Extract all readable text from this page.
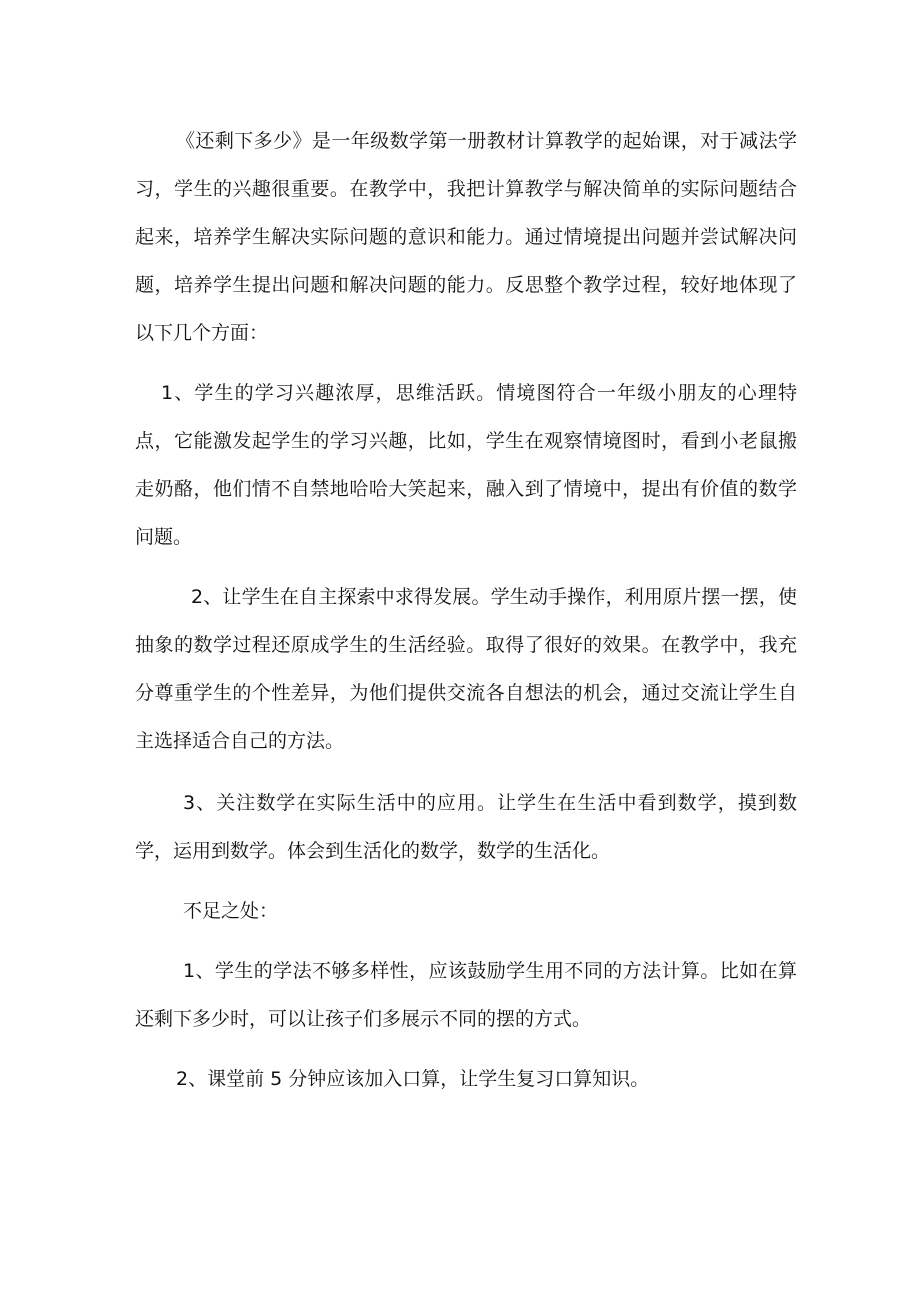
《还剩下多少》是一年级数学第一册教材计算教学的起始课，对于减法学习，学生的兴趣很重要。在教学中，我把计算教学与解决简单的实际问题结合起来，培养学生解决实际问题的意识和能力。通过情境提出问题并尝试解决问题，培养学生提出问题和解决问题的能力。反思整个教学过程，较好地体现了以下几个方面：

1、学生的学习兴趣浓厚，思维活跃。情境图符合一年级小朋友的心理特点，它能激发起学生的学习兴趣，比如，学生在观察情境图时，看到小老鼠搬走奶酪，他们情不自禁地哈哈大笑起来，融入到了情境中，提出有价值的数学问题。

2、让学生在自主探索中求得发展。学生动手操作，利用原片摆一摆，使抽象的数学过程还原成学生的生活经验。取得了很好的效果。在教学中，我充分尊重学生的个性差异，为他们提供交流各自想法的机会，通过交流让学生自主选择适合自己的方法。

3、关注数学在实际生活中的应用。让学生在生活中看到数学，摸到数学，运用到数学。体会到生活化的数学，数学的生活化。

不足之处：

1、学生的学法不够多样性，应该鼓励学生用不同的方法计算。比如在算还剩下多少时，可以让孩子们多展示不同的摆的方式。

2、课堂前 5 分钟应该加入口算，让学生复习口算知识。
